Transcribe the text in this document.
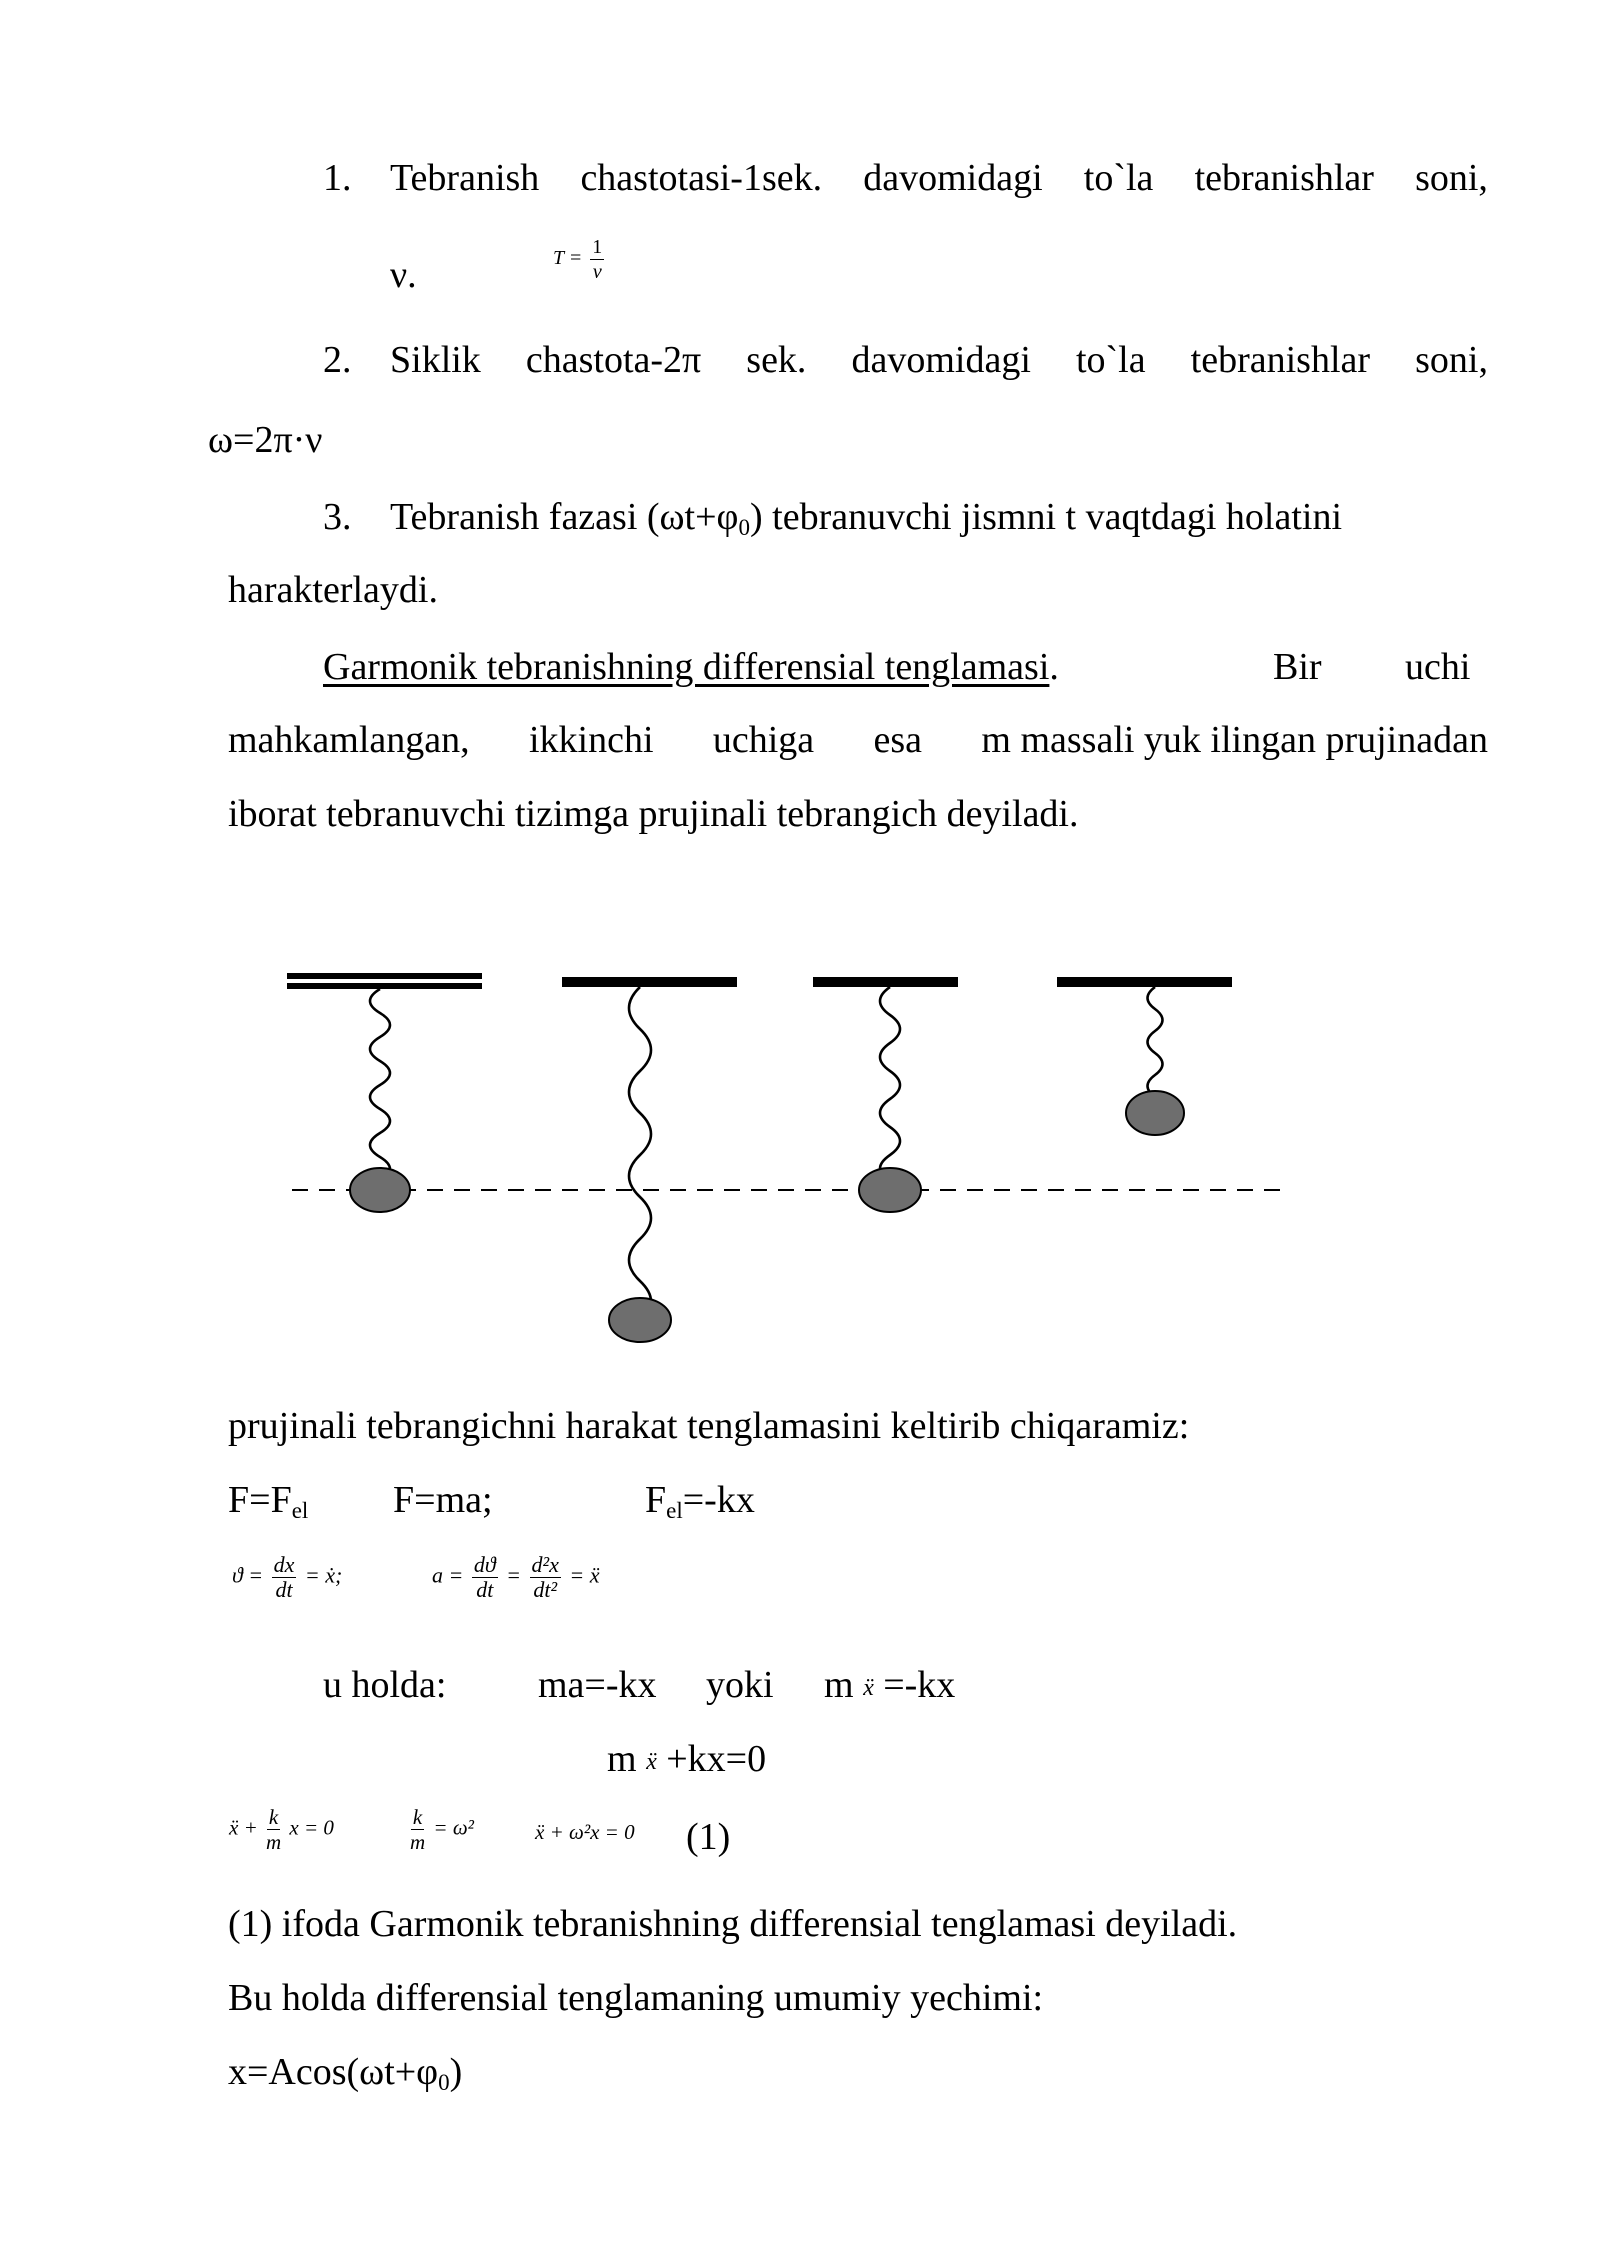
1. Tebranish chastotasi-1sek. davomidagi to`la tebranishlar soni,
ν.	$T = \frac{1}{\nu}$
2. Siklik chastota-2π sek. davomidagi to`la tebranishlar soni,
ω=2π·ν
3. Tebranish fazasi $(\omega t+\varphi_0)$ tebranuvchi jismni t vaqtdagi holatini
harakterlaydi.
Garmonik tebranishning differensial tenglamasi.	Bir uchi
mahkamlangan, ikkinchi uchiga esa m massali yuk ilingan prujinadan
iborat tebranuvchi tizimga prujinali tebrangich deyiladi.
prujinali tebrangichni harakat tenglamasini keltirib chiqaramiz:
$F=F_{el}$ F=ma;	$F_{el}=-kx$
$ϑ = \frac{dx}{dt}$ = ẋ;	$a = \frac{dϑ}{dt} = \frac{\text{d²x}}{\text{dt²}}$ = ẍ
u holda: ma=-kx yoki m ẍ =-kx
m ẍ +kx=0
ẍ + $\frac{k}{m}$ x = 0	$\frac{k}{m} = \omega^2$	ẍ + ω²x = 0 (1)
(1) ifoda Garmonik tebranishning differensial tenglamasi deyiladi.
Bu holda differensial tenglamaning umumiy yechimi:
$x=Acos(\omega t+\varphi_0)$
